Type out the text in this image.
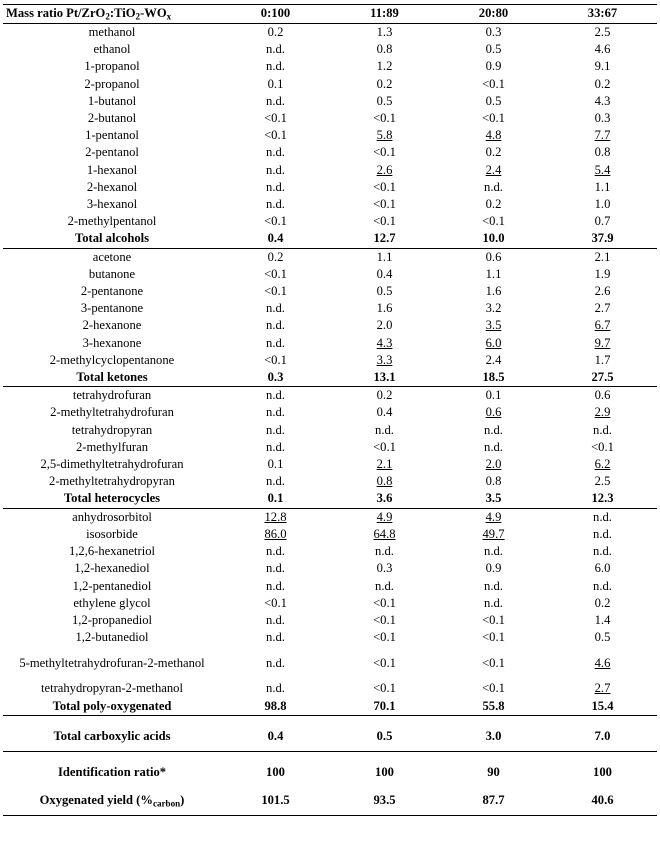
Mass ratio $Pt/ZrO_2:TiO_2-WO_x$	0:100	11:89	20:80	33:67
methanol	0.2	1.3	0.3	2.5
ethanol	n.d.	0.8	0.5	4.6
1-propanol	n.d.	1.2	0.9	9.1
2-propanol	0.1	0.2	<0.1	0.2
1-butanol	n.d.	0.5	0.5	4.3
2-butanol	<0.1	<0.1	<0.1	0.3
1-pentanol	<0.1	5.8	4.8	7.7
2-pentanol	n.d.	<0.1	0.2	0.8
1-hexanol	n.d.	2.6	2.4	5.4
2-hexanol	n.d.	<0.1	n.d.	1.1
3-hexanol	n.d.	<0.1	0.2	1.0
2-methylpentanol	<0.1	<0.1	<0.1	0.7
Total alcohols	0.4	12.7	10.0	37.9
acetone	0.2	1.1	0.6	2.1
butanone	<0.1	0.4	1.1	1.9
2-pentanone	<0.1	0.5	1.6	2.6
3-pentanone	n.d.	1.6	3.2	2.7
2-hexanone	n.d.	2.0	3.5	6.7
3-hexanone	n.d.	4.3	6.0	9.7
2-methylcyclopentanone	<0.1	3.3	2.4	1.7
Total ketones	0.3	13.1	18.5	27.5
tetrahydrofuran	n.d.	0.2	0.1	0.6
2-methyltetrahydrofuran	n.d.	0.4	0.6	2.9
tetrahydropyran	n.d.	n.d.	n.d.	n.d.
2-methylfuran	n.d.	<0.1	n.d.	<0.1
2,5-dimethyltetrahydrofuran	0.1	2.1	2.0	6.2
2-methyltetrahydropyran	n.d.	0.8	0.8	2.5
Total heterocycles	0.1	3.6	3.5	12.3
anhydrosorbitol	12.8	4.9	4.9	n.d.
isosorbide	86.0	64.8	49.7	n.d.
1,2,6-hexanetriol	n.d.	n.d.	n.d.	n.d.
1,2-hexanediol	n.d.	0.3	0.9	6.0
1,2-pentanediol	n.d.	n.d.	n.d.	n.d.
ethylene glycol	<0.1	<0.1	n.d.	0.2
1,2-propanediol	n.d.	<0.1	<0.1	1.4
1,2-butanediol	n.d.	<0.1	<0.1	0.5
5-methyltetrahydrofuran-2-methanol	n.d.	<0.1	<0.1	4.6
tetrahydropyran-2-methanol	n.d.	<0.1	<0.1	2.7
Total poly-oxygenated	98.8	70.1	55.8	15.4

Total carboxylic acids	0.4	0.5	3.0	7.0

Identification ratio*	100	100	90	100
Oxygenated yield $(\%_{carbon})$	101.5	93.5	87.7	40.6
